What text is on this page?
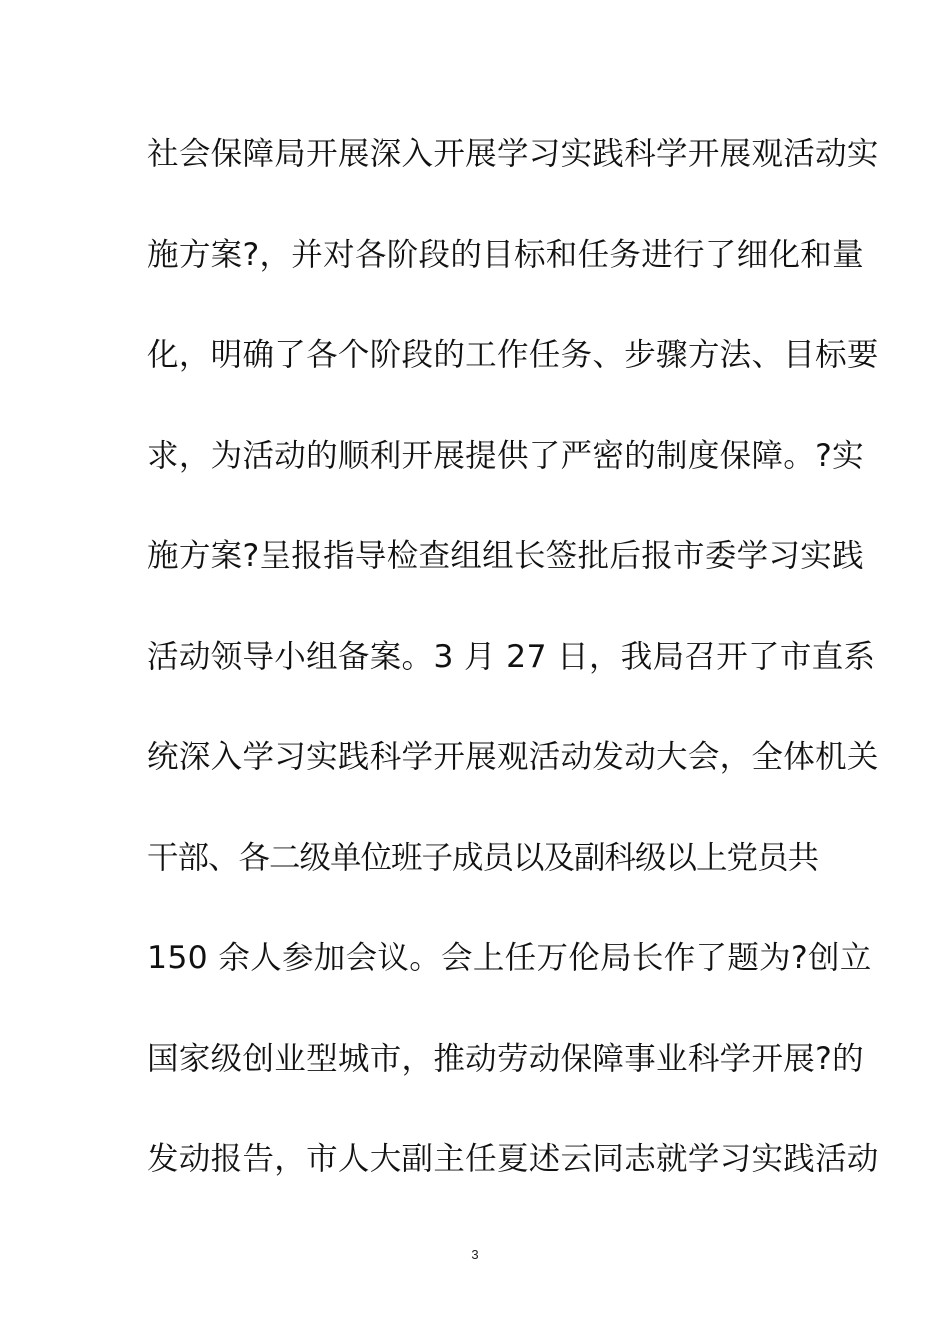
社 会 保 障 局 开 展 深 入 开 展 学 习 实 践 科 学 开 展 观 活 动 实
施 方 案 ? ， 并 对 各 阶 段 的 目 标 和 任 务 进 行 了 细 化 和 量
化 ， 明 确 了 各 个 阶 段 的 工 作 任 务 、 步 骤 方 法 、 目 标 要
求 ， 为 活 动 的 顺 利 开 展 提 供 了 严 密 的 制 度 保 障 。 ? 实
施 方 案 ? 呈 报 指 导 检 查 组 组 长 签 批 后 报 市 委 学 习 实 践
活 动 领 导 小 组 备 案 。 3
月
27
日 ， 我 局 召 开 了 市 直 系
统 深 入 学 习 实 践 科 学 开 展 观 活 动 发 动 大 会 ， 全 体 机 关
干部、各二级单位班子成员以及副科级以上党员共
150
余 人 参 加 会 议 。 会 上 任 万 伦 局 长 作 了 题 为 ? 创 立
国 家 级 创 业 型 城 市 ， 推 动 劳 动 保 障 事 业 科 学 开 展 ? 的
发 动 报 告 ， 市 人 大 副 主 任 夏 述 云 同 志 就 学 习 实 践 活 动
3
